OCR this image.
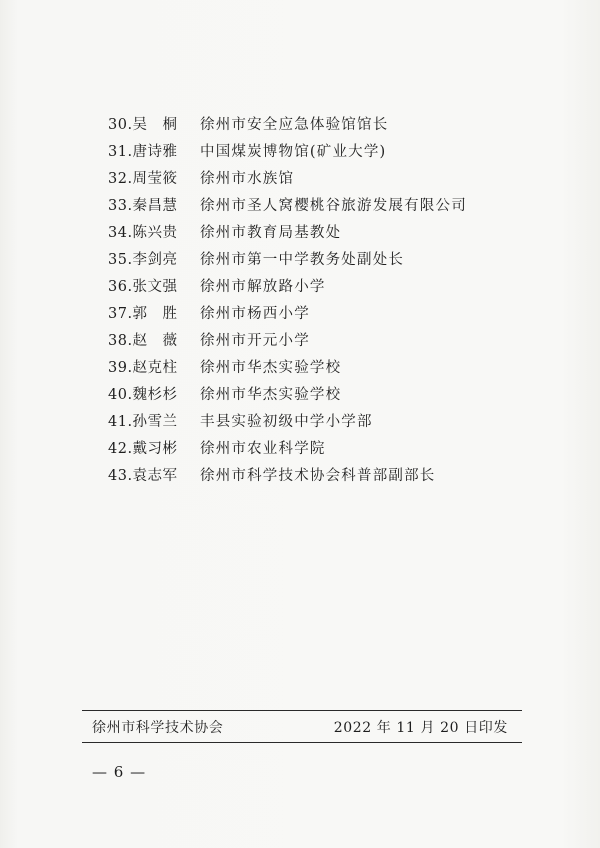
30.吴　桐	徐州市安全应急体验馆馆长
31.唐诗雅	中国煤炭博物馆(矿业大学)
32.周莹筱	徐州市水族馆
33.秦昌慧	徐州市圣人窝樱桃谷旅游发展有限公司
34.陈兴贵	徐州市教育局基教处
35.李剑亮	徐州市第一中学教务处副处长
36.张文强	徐州市解放路小学
37.郭　胜	徐州市杨西小学
38.赵　薇	徐州市开元小学
39.赵克柱	徐州市华杰实验学校
40.魏杉杉	徐州市华杰实验学校
41.孙雪兰	丰县实验初级中学小学部
42.戴习彬	徐州市农业科学院
43.袁志军	徐州市科学技术协会科普部副部长
徐州市科学技术协会	2022 年 11 月 20 日印发
— 6 —
